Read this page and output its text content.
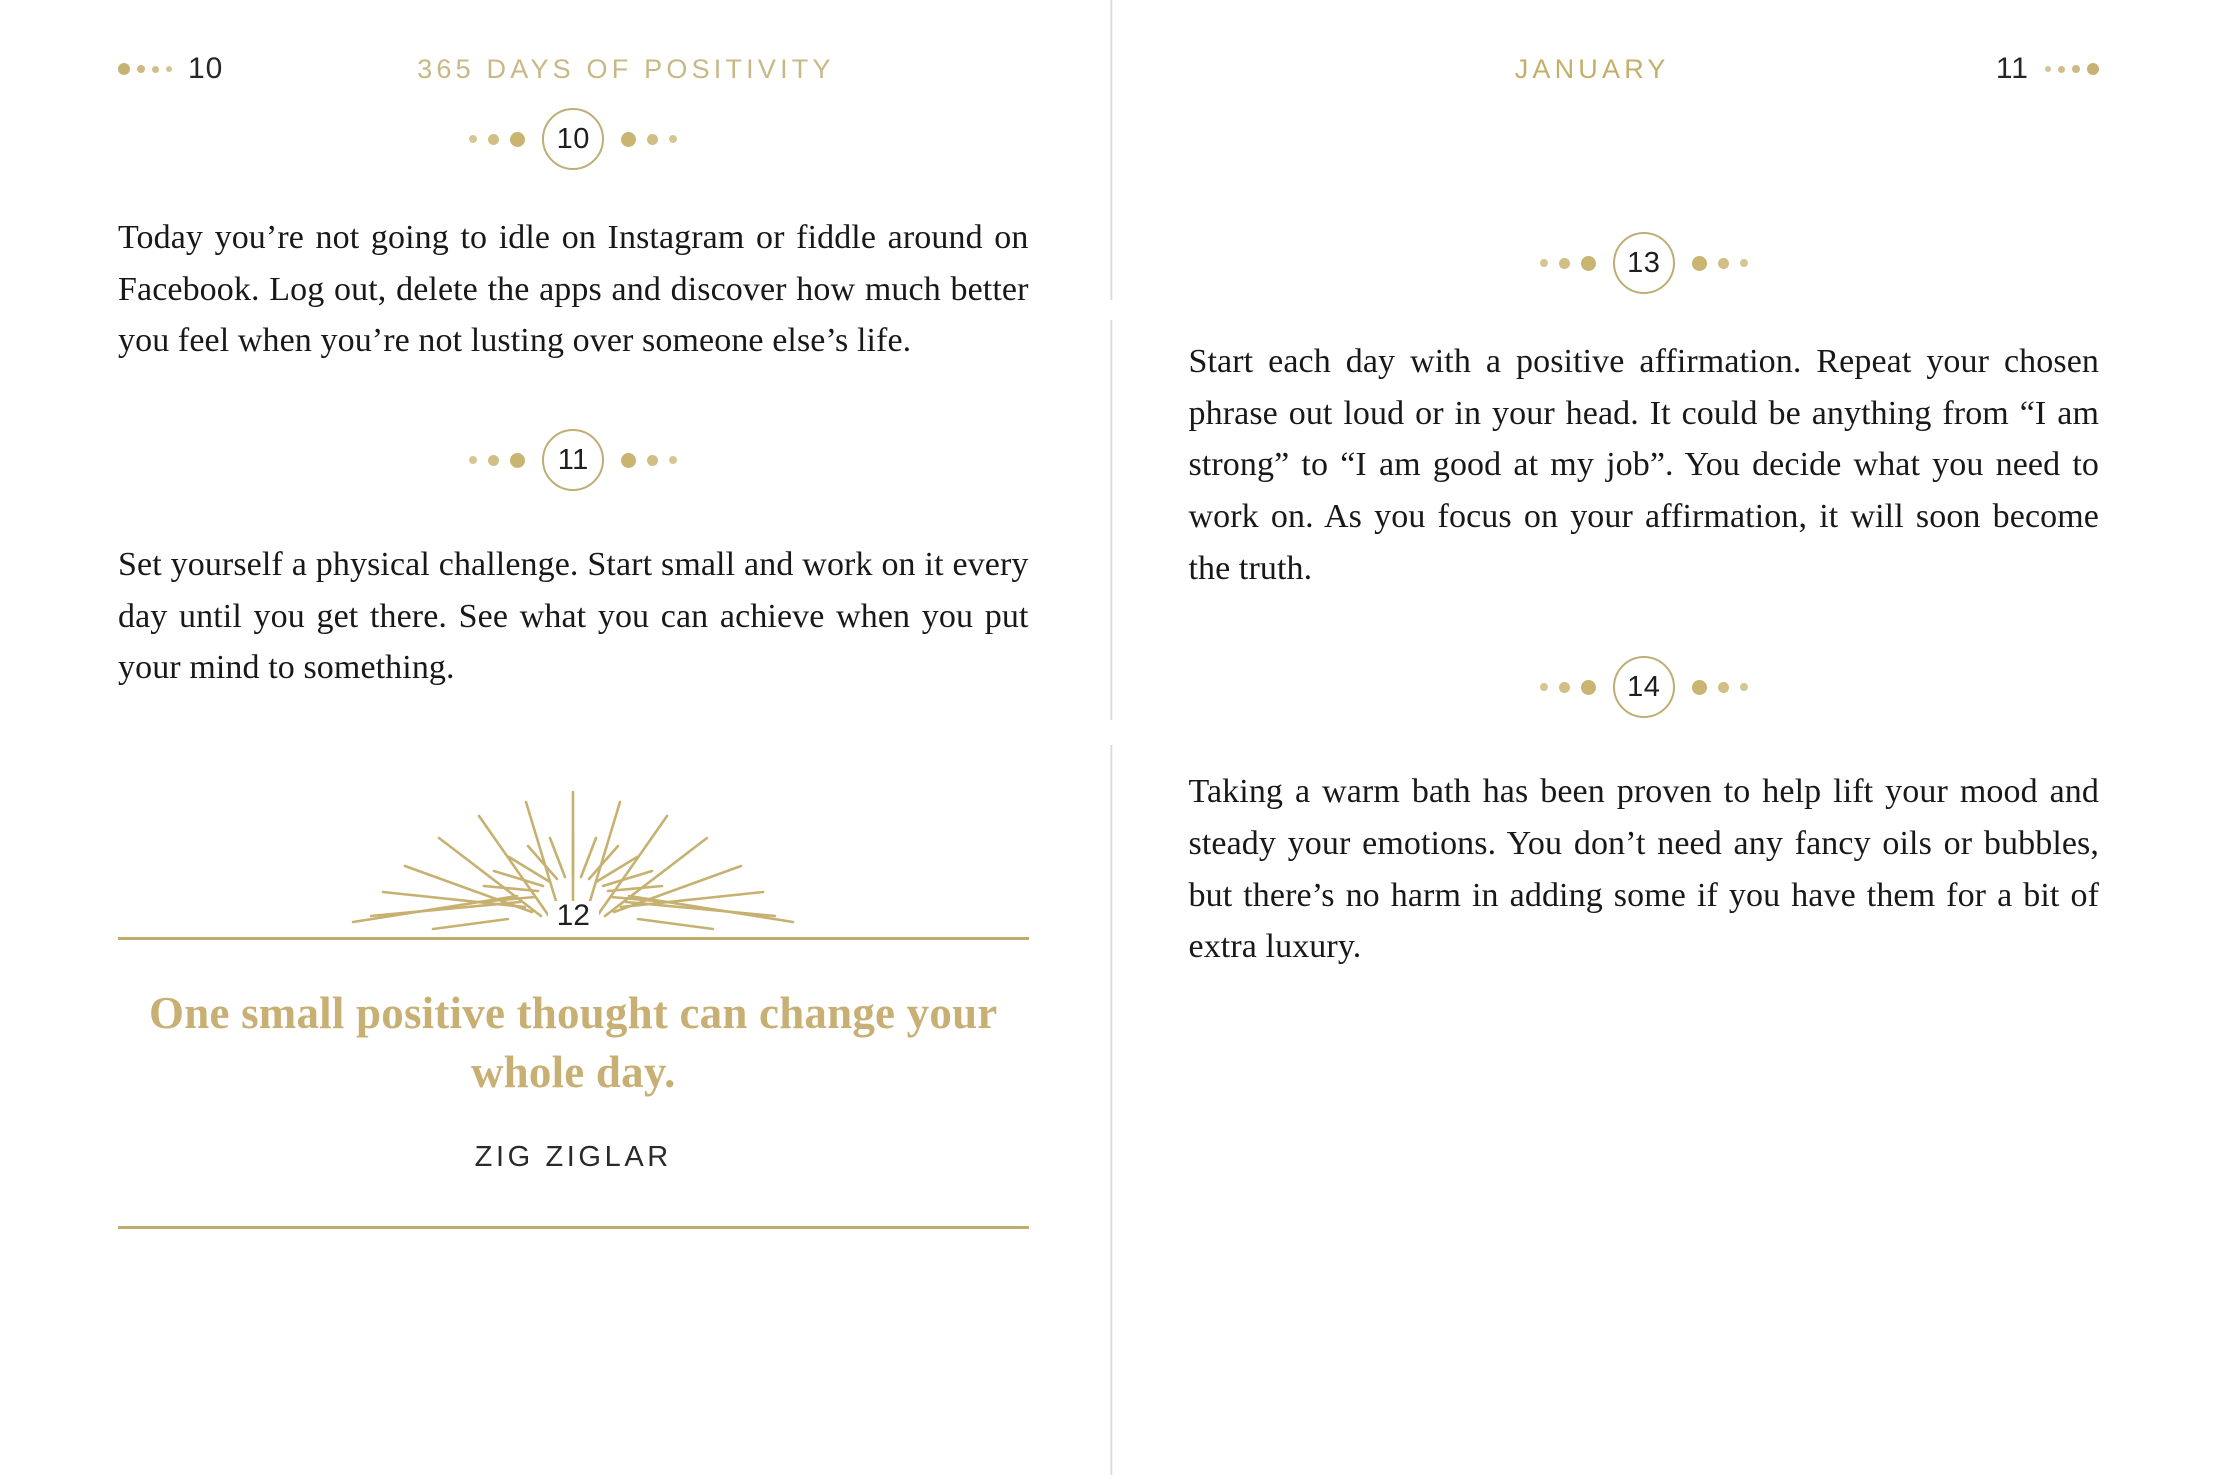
10	365 DAYS OF POSITIVITY
10

Today you’re not going to idle on Instagram or fiddle around on Facebook. Log out, delete the apps and discover how much better you feel when you’re not lusting over someone else’s life.

11

Set yourself a physical challenge. Start small and work on it every day until you get there. See what you can achieve when you put your mind to something.

12

One small positive thought can change your whole day.

ZIG ZIGLAR

JANUARY	11
13

Start each day with a positive affirmation. Repeat your chosen phrase out loud or in your head. It could be anything from “I am strong” to “I am good at my job”. You decide what you need to work on. As you focus on your affirmation, it will soon become the truth.

14

Taking a warm bath has been proven to help lift your mood and steady your emotions. You don’t need any fancy oils or bubbles, but there’s no harm in adding some if you have them for a bit of extra luxury.
